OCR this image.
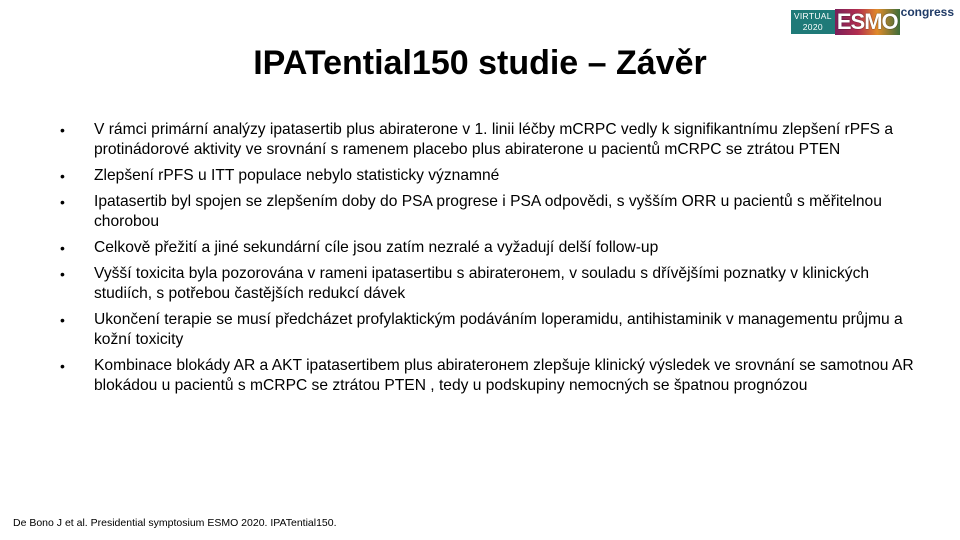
VIRTUAL
2020 ESMO congress
IPATential150 studie – Závěr
•	V rámci primární analýzy ipatasertib plus abiraterone v 1. linii léčby mCRPC vedly k signifikantnímu zlepšení rPFS a protinádorové aktivity ve srovnání s ramenem placebo plus abiraterone u pacientů mCRPC se ztrátou PTEN
•	Zlepšení rPFS u ITT populace nebylo statisticky významné
•	Ipatasertib byl spojen se zlepšením doby do PSA progrese i PSA odpovědi, s vyšším ORR u pacientů s měřitelnou chorobou
•	Celkově přežití a jiné sekundární cíle jsou zatím nezralé a vyžadují delší follow-up
•	Vyšší toxicita byla pozorována v rameni ipatasertibu s abiraterонem, v souladu s dřívějšími poznatky v klinických studiích, s potřebou častějších redukcí dávek
•	Ukončení terapie se musí předcházet profylaktickým podáváním loperamidu, antihistaminik v managementu průjmu a kožní toxicity
•	Kombinace blokády AR a AKT ipatasertibem plus abiraterонem zlepšuje klinický výsledek ve srovnání se samotnou AR blokádou u pacientů s mCRPC se ztrátou PTEN , tedy u podskupiny nemocných se špatnou prognózou
De Bono J et al. Presidential symptosium ESMO 2020. IPATential150.
